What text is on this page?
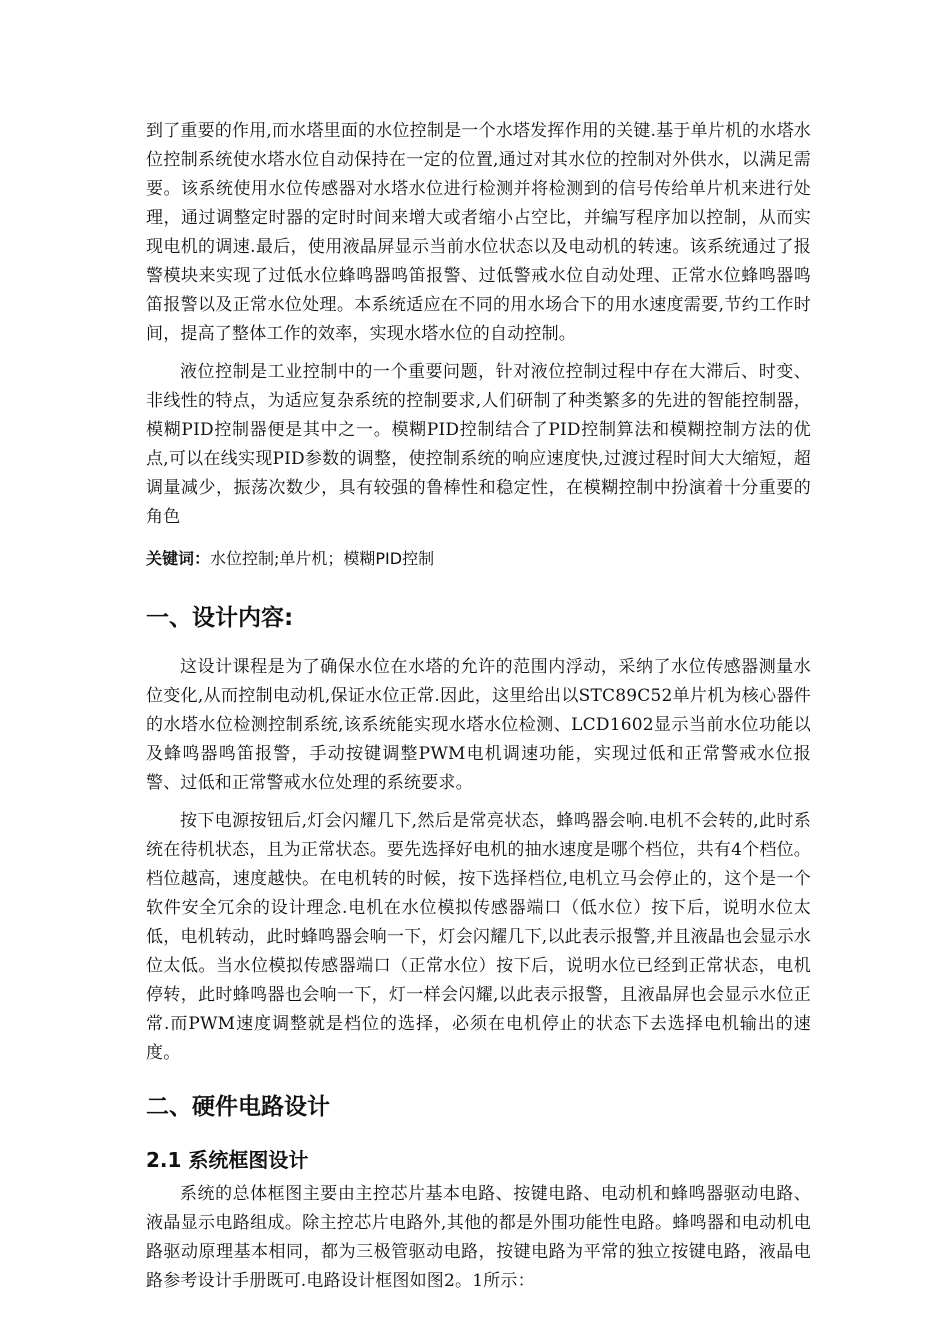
到了重要的作用,而水塔里面的水位控制是一个水塔发挥作用的关键.基于单片机的水塔水位控制系统使水塔水位自动保持在一定的位置,通过对其水位的控制对外供水，以满足需要。该系统使用水位传感器对水塔水位进行检测并将检测到的信号传给单片机来进行处理，通过调整定时器的定时时间来增大或者缩小占空比，并编写程序加以控制，从而实现电机的调速.最后，使用液晶屏显示当前水位状态以及电动机的转速。该系统通过了报警模块来实现了过低水位蜂鸣器鸣笛报警、过低警戒水位自动处理、正常水位蜂鸣器鸣笛报警以及正常水位处理。本系统适应在不同的用水场合下的用水速度需要,节约工作时间，提高了整体工作的效率，实现水塔水位的自动控制。

液位控制是工业控制中的一个重要问题，针对液位控制过程中存在大滞后、时变、非线性的特点，为适应复杂系统的控制要求,人们研制了种类繁多的先进的智能控制器，模糊PID控制器便是其中之一。模糊PID控制结合了PID控制算法和模糊控制方法的优点,可以在线实现PID参数的调整，使控制系统的响应速度快,过渡过程时间大大缩短，超调量减少，振荡次数少，具有较强的鲁棒性和稳定性，在模糊控制中扮演着十分重要的角色

关键词：水位控制;单片机；模糊PID控制

一、设计内容:

这设计课程是为了确保水位在水塔的允许的范围内浮动，采纳了水位传感器测量水位变化,从而控制电动机,保证水位正常.因此，这里给出以STC89C52单片机为核心器件的水塔水位检测控制系统,该系统能实现水塔水位检测、LCD1602显示当前水位功能以及蜂鸣器鸣笛报警，手动按键调整PWM电机调速功能，实现过低和正常警戒水位报警、过低和正常警戒水位处理的系统要求。

按下电源按钮后,灯会闪耀几下,然后是常亮状态，蜂鸣器会响.电机不会转的,此时系统在待机状态，且为正常状态。要先选择好电机的抽水速度是哪个档位，共有4个档位。档位越高，速度越快。在电机转的时候，按下选择档位,电机立马会停止的，这个是一个软件安全冗余的设计理念.电机在水位模拟传感器端口（低水位）按下后，说明水位太低，电机转动，此时蜂鸣器会响一下，灯会闪耀几下,以此表示报警,并且液晶也会显示水位太低。当水位模拟传感器端口（正常水位）按下后，说明水位已经到正常状态，电机停转，此时蜂鸣器也会响一下，灯一样会闪耀,以此表示报警，且液晶屏也会显示水位正常.而PWM速度调整就是档位的选择，必须在电机停止的状态下去选择电机输出的速度。

二、硬件电路设计
2.1 系统框图设计

系统的总体框图主要由主控芯片基本电路、按键电路、电动机和蜂鸣器驱动电路、液晶显示电路组成。除主控芯片电路外,其他的都是外围功能性电路。蜂鸣器和电动机电路驱动原理基本相同，都为三极管驱动电路，按键电路为平常的独立按键电路，液晶电路参考设计手册既可.电路设计框图如图2。1所示：
